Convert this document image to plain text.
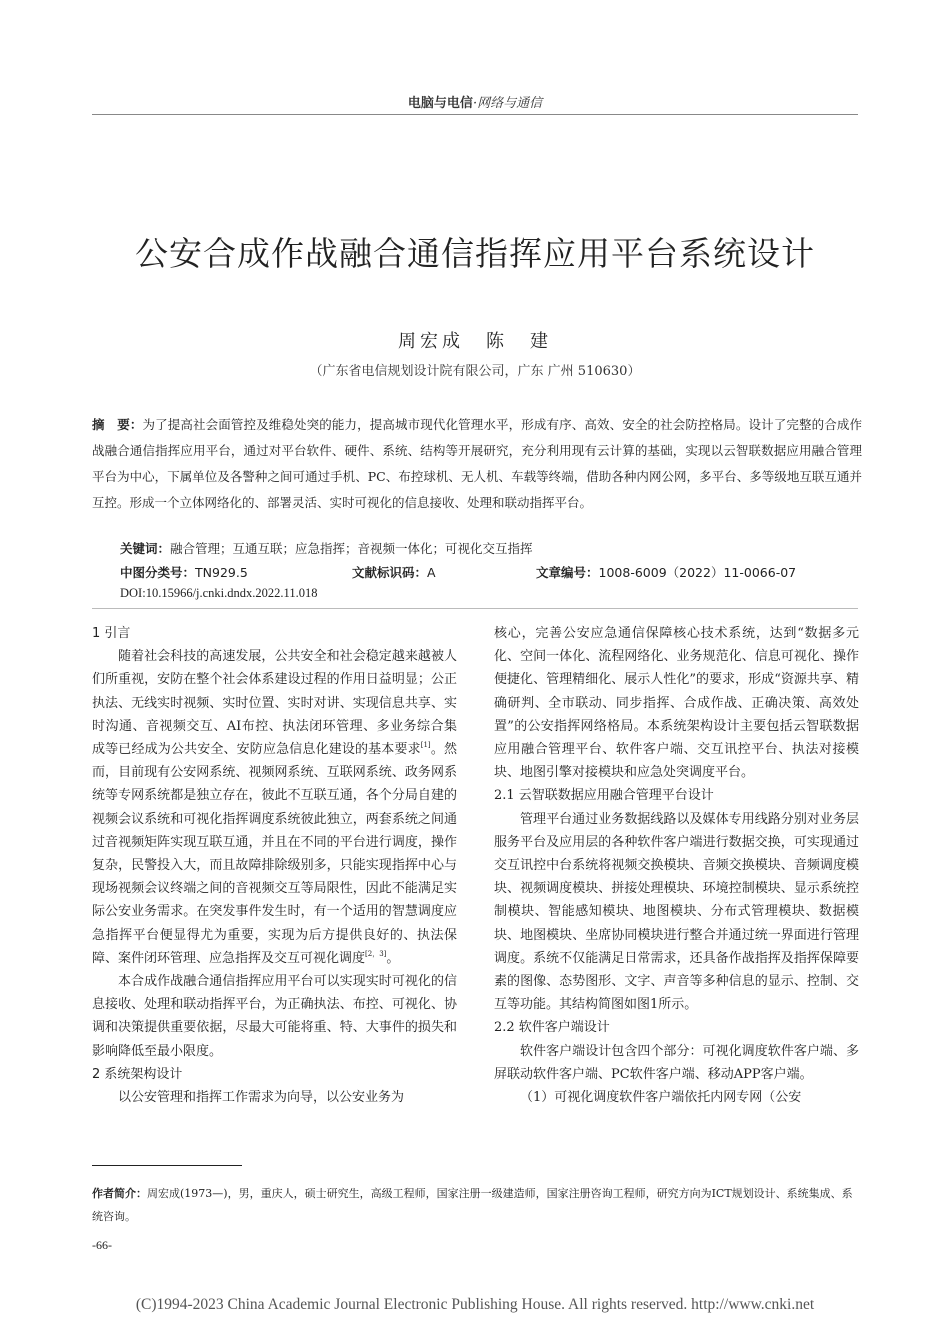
电脑与电信·网络与通信
公安合成作战融合通信指挥应用平台系统设计
周宏成　陈　建
（广东省电信规划设计院有限公司，广东 广州 510630）
摘　要：为了提高社会面管控及维稳处突的能力，提高城市现代化管理水平，形成有序、高效、安全的社会防控格局。设计了完整的合成作战融合通信指挥应用平台，通过对平台软件、硬件、系统、结构等开展研究，充分利用现有云计算的基础，实现以云智联数据应用融合管理平台为中心，下属单位及各警种之间可通过手机、PC、布控球机、无人机、车载等终端，借助各种内网公网，多平台、多等级地互联互通并互控。形成一个立体网络化的、部署灵活、实时可视化的信息接收、处理和联动指挥平台。
关键词：融合管理；互通互联；应急指挥；音视频一体化；可视化交互指挥
中图分类号：TN929.5	文献标识码：A	文章编号：1008-6009（2022）11-0066-07
DOI:10.15966/j.cnki.dndx.2022.11.018
1 引言

随着社会科技的高速发展，公共安全和社会稳定越来越被人们所重视，安防在整个社会体系建设过程的作用日益明显；公正执法、无线实时视频、实时位置、实时对讲、实现信息共享、实时沟通、音视频交互、AI布控、执法闭环管理、多业务综合集成等已经成为公共安全、安防应急信息化建设的基本要求[1]。然而，目前现有公安网系统、视频网系统、互联网系统、政务网系统等专网系统都是独立存在，彼此不互联互通，各个分局自建的视频会议系统和可视化指挥调度系统彼此独立，两套系统之间通过音视频矩阵实现互联互通，并且在不同的平台进行调度，操作复杂，民警投入大，而且故障排除级别多，只能实现指挥中心与现场视频会议终端之间的音视频交互等局限性，因此不能满足实际公安业务需求。在突发事件发生时，有一个适用的智慧调度应急指挥平台便显得尤为重要，实现为后方提供良好的、执法保障、案件闭环管理、应急指挥及交互可视化调度[2，3]。

本合成作战融合通信指挥应用平台可以实现实时可视化的信息接收、处理和联动指挥平台，为正确执法、布控、可视化、协调和决策提供重要依据，尽最大可能将重、特、大事件的损失和影响降低至最小限度。

2 系统架构设计

以公安管理和指挥工作需求为向导，以公安业务为

核心，完善公安应急通信保障核心技术系统，达到“数据多元化、空间一体化、流程网络化、业务规范化、信息可视化、操作便捷化、管理精细化、展示人性化”的要求，形成“资源共享、精确研判、全市联动、同步指挥、合成作战、正确决策、高效处置”的公安指挥网络格局。本系统架构设计主要包括云智联数据应用融合管理平台、软件客户端、交互讯控平台、执法对接模块、地图引擎对接模块和应急处突调度平台。

2.1 云智联数据应用融合管理平台设计

管理平台通过业务数据线路以及媒体专用线路分别对业务层服务平台及应用层的各种软件客户端进行数据交换，可实现通过交互讯控中台系统将视频交换模块、音频交换模块、音频调度模块、视频调度模块、拼接处理模块、环境控制模块、显示系统控制模块、智能感知模块、地图模块、分布式管理模块、数据模块、地图模块、坐席协同模块进行整合并通过统一界面进行管理调度。系统不仅能满足日常需求，还具备作战指挥及指挥保障要素的图像、态势图形、文字、声音等多种信息的显示、控制、交互等功能。其结构简图如图1所示。

2.2 软件客户端设计

软件客户端设计包含四个部分：可视化调度软件客户端、多屏联动软件客户端、PC软件客户端、移动APP客户端。

（1）可视化调度软件客户端依托内网专网（公安

作者简介：周宏成(1973—)，男，重庆人，硕士研究生，高级工程师，国家注册一级建造师，国家注册咨询工程师，研究方向为ICT规划设计、系统集成、系统咨询。
-66-
(C)1994-2023 China Academic Journal Electronic Publishing House. All rights reserved. http://www.cnki.net
